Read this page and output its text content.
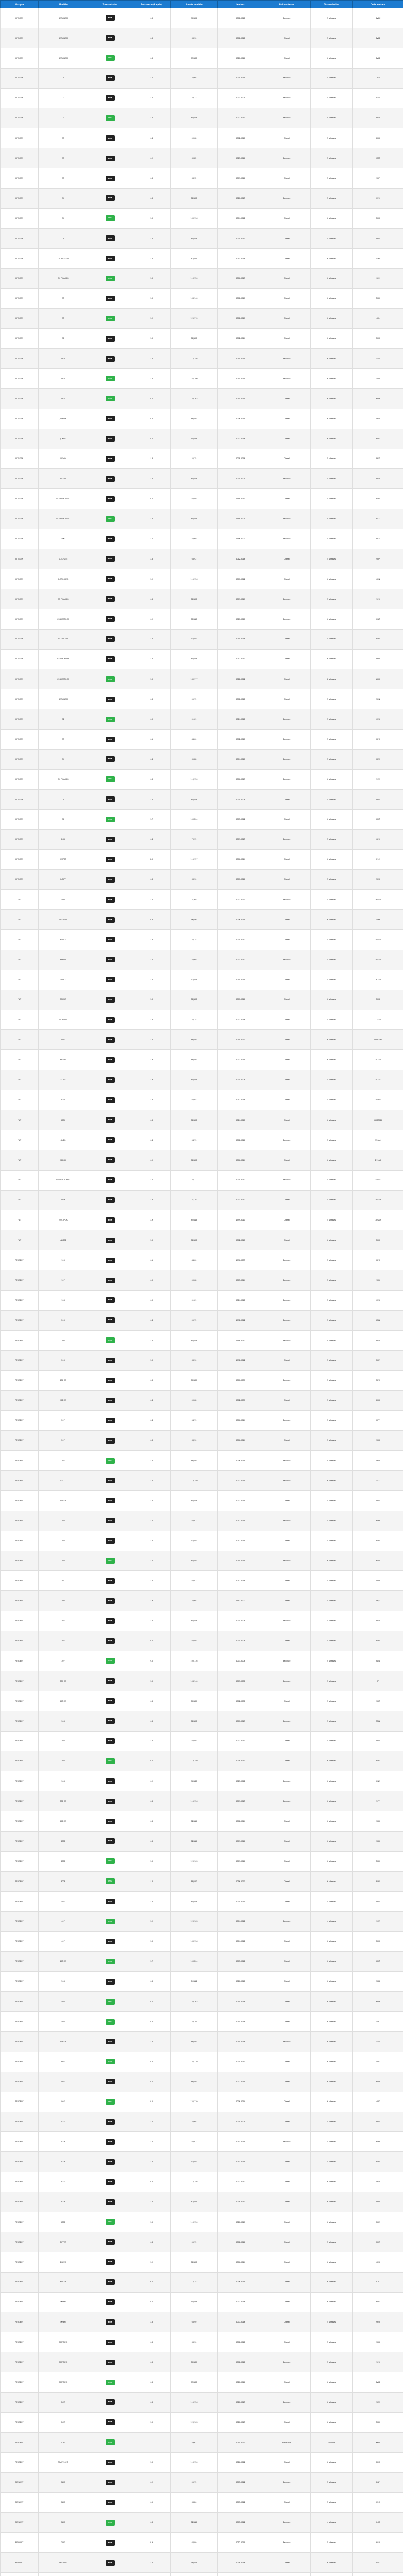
Marque	Modèle	Transmission	Puissance (kw/ch)	Année modèle	Moteur	Boîte vitesse	Transmission	Code moteur
CITROEN	BERLINGO	BVM	1.6	90/122	2008-2018	Essence	5 vitesses	DV6C
CITROEN	BERLINGO	BVM	1.6	66/90	2008-2018	Diesel	5 vitesses	DV6B
CITROEN	BERLINGO	BVA	1.6	73/100	2010-2016	Diesel	6 vitesses	DV6E
CITROEN	C1	BVM	1.0	50/68	2005-2014	Essence	5 vitesses	1KR
CITROEN	C2	BVM	1.4	54/73	2003-2009	Essence	5 vitesses	KFV
CITROEN	C3	BVA	1.6	80/109	2002-2010	Essence	4 vitesses	NFU
CITROEN	C3	BVM	1.4	50/68	2002-2010	Diesel	5 vitesses	8HX
CITROEN	C3	BVM	1.2	60/82	2013-2016	Essence	5 vitesses	HMZ
CITROEN	C3	BVM	1.6	68/92	2009-2016	Diesel	5 vitesses	9HP
CITROEN	C4	BVM	1.6	88/120	2010-2015	Essence	5 vitesses	EP6
CITROEN	C4	BVA	2.0	100/136	2004-2011	Diesel	6 vitesses	RHR
CITROEN	C4	BVM	1.6	80/109	2004-2010	Diesel	5 vitesses	9HZ
CITROEN	C4 PICASSO	BVM	1.6	82/112	2013-2018	Diesel	6 vitesses	DV6C
CITROEN	C4 PICASSO	BVA	2.0	110/150	2006-2013	Diesel	6 vitesses	RHJ
CITROEN	C5	BVM	2.0	103/140	2008-2017	Diesel	6 vitesses	RHH
CITROEN	C5	BVA	2.2	125/170	2008-2017	Diesel	6 vitesses	4HL
CITROEN	C8	BVM	2.0	88/120	2002-2014	Diesel	6 vitesses	RHR
CITROEN	DS3	BVM	1.6	115/156	2010-2015	Essence	6 vitesses	5FV
CITROEN	DS4	BVA	1.6	147/200	2011-2015	Essence	6 vitesses	5FU
CITROEN	DS5	BVA	2.0	120/163	2011-2015	Diesel	6 vitesses	RHH
CITROEN	JUMPER	BVM	2.2	88/120	2006-2014	Diesel	6 vitesses	4HU
CITROEN	JUMPY	BVM	2.0	94/128	2007-2016	Diesel	6 vitesses	RHK
CITROEN	NEMO	BVM	1.3	55/75	2008-2016	Diesel	5 vitesses	FHZ
CITROEN	XSARA	BVM	1.6	80/109	2000-2005	Essence	5 vitesses	NFU
CITROEN	XSARA PICASSO	BVM	2.0	66/90	1999-2010	Diesel	5 vitesses	RHY
CITROEN	XSARA PICASSO	BVA	1.8	85/115	1999-2005	Essence	4 vitesses	6FZ
CITROEN	SAXO	BVM	1.1	44/60	1996-2003	Essence	5 vitesses	HFX
CITROEN	C-ELYSEE	BVM	1.6	68/92	2012-2018	Diesel	5 vitesses	9HP
CITROEN	C-CROSSER	BVM	2.2	115/156	2007-2012	Diesel	6 vitesses	4HN
CITROEN	C3 PICASSO	BVM	1.6	88/120	2009-2017	Essence	5 vitesses	5FS
CITROEN	C3 AIRCROSS	BVM	1.2	81/110	2017-2020	Essence	6 vitesses	HNZ
CITROEN	C4 CACTUS	BVM	1.6	73/100	2014-2018	Diesel	5 vitesses	BHY
CITROEN	C4 AIRCROSS	BVM	1.6	84/114	2012-2017	Diesel	6 vitesses	9HD
CITROEN	C5 AIRCROSS	BVA	2.0	130/177	2018-2022	Diesel	8 vitesses	AHX
CITROEN	BERLINGO	BVM	1.6	55/75	2008-2018	Diesel	5 vitesses	9HN
CITROEN	C1	BVA	1.0	51/69	2014-2018	Essence	5 vitesses	CFB
CITROEN	C3	BVM	1.1	44/60	2002-2010	Essence	5 vitesses	HFX
CITROEN	C4	BVM	1.4	65/88	2004-2010	Essence	5 vitesses	KFU
CITROEN	C4 PICASSO	BVA	1.6	110/150	2006-2013	Essence	6 vitesses	5FX
CITROEN	C5	BVM	1.6	80/109	2004-2008	Diesel	5 vitesses	9HZ
CITROEN	C6	BVA	2.7	150/204	2005-2012	Diesel	6 vitesses	UHZ
CITROEN	DS3	BVM	1.4	70/95	2009-2015	Essence	5 vitesses	8FS
CITROEN	JUMPER	BVM	3.0	115/157	2006-2014	Diesel	6 vitesses	F1C
CITROEN	JUMPY	BVM	1.6	66/90	2007-2016	Diesel	5 vitesses	9HU
FIAT	500	BVM	1.2	51/69	2007-2020	Essence	5 vitesses	169A4
FIAT	DUCATO	BVM	2.3	96/130	2006-2014	Diesel	6 vitesses	F1AE
FIAT	PUNTO	BVM	1.3	55/75	2005-2012	Diesel	5 vitesses	199A2
FIAT	PANDA	BVM	1.2	44/60	2003-2012	Essence	5 vitesses	188A4
FIAT	DOBLO	BVM	1.6	77/105	2010-2015	Diesel	5 vitesses	263A3
FIAT	SCUDO	BVM	2.0	88/120	2007-2016	Diesel	6 vitesses	RHK
FIAT	FIORINO	BVM	1.3	55/75	2007-2016	Diesel	5 vitesses	225A2
FIAT	TIPO	BVM	1.6	88/120	2015-2020	Diesel	6 vitesses	55260384
FIAT	BRAVO	BVM	1.9	88/120	2007-2014	Diesel	6 vitesses	192A8
FIAT	STILO	BVM	1.9	85/115	2001-2008	Diesel	5 vitesses	192A1
FIAT	500L	BVM	1.3	62/85	2012-2018	Diesel	5 vitesses	199B1
FIAT	500X	BVM	1.6	88/120	2014-2020	Diesel	6 vitesses	55263088
FIAT	QUBO	BVM	1.4	54/73	2008-2016	Essence	5 vitesses	350A1
FIAT	SEDICI	BVM	1.9	88/120	2006-2014	Diesel	6 vitesses	D19AA
FIAT	GRANDE PUNTO	BVM	1.4	57/77	2005-2012	Essence	5 vitesses	350A1
FIAT	IDEA	BVM	1.3	51/70	2003-2012	Diesel	5 vitesses	188A9
FIAT	MULTIPLA	BVM	1.9	85/115	1999-2010	Diesel	5 vitesses	186A9
FIAT	ULYSSE	BVM	2.0	88/120	2002-2010	Diesel	6 vitesses	RHR
PEUGEOT	106	BVM	1.1	44/60	1996-2003	Essence	5 vitesses	HFX
PEUGEOT	107	BVM	1.0	50/68	2005-2014	Essence	5 vitesses	1KR
PEUGEOT	108	BVM	1.0	51/69	2014-2018	Essence	5 vitesses	CFB
PEUGEOT	206	BVM	1.4	55/75	1998-2012	Essence	5 vitesses	KFW
PEUGEOT	206	BVA	1.6	80/109	1998-2012	Essence	4 vitesses	NFU
PEUGEOT	206	BVM	2.0	66/90	1998-2012	Diesel	5 vitesses	RHY
PEUGEOT	206 CC	BVM	1.6	80/109	2000-2007	Essence	5 vitesses	NFU
PEUGEOT	206 SW	BVM	1.4	50/68	2002-2007	Diesel	5 vitesses	8HX
PEUGEOT	207	BVM	1.4	54/73	2006-2014	Essence	5 vitesses	KFV
PEUGEOT	207	BVM	1.6	66/90	2006-2014	Diesel	5 vitesses	9HX
PEUGEOT	207	BVA	1.6	88/120	2006-2014	Essence	4 vitesses	5FW
PEUGEOT	207 CC	BVM	1.6	110/150	2007-2015	Essence	6 vitesses	5FX
PEUGEOT	207 SW	BVM	1.6	80/109	2007-2014	Diesel	5 vitesses	9HZ
PEUGEOT	208	BVM	1.2	60/82	2012-2019	Essence	5 vitesses	HMZ
PEUGEOT	208	BVM	1.6	73/100	2012-2019	Diesel	5 vitesses	BHY
PEUGEOT	208	BVA	1.2	81/110	2014-2019	Essence	6 vitesses	HNZ
PEUGEOT	301	BVM	1.6	68/92	2012-2018	Diesel	5 vitesses	9HP
PEUGEOT	306	BVM	1.9	50/68	1997-2002	Diesel	5 vitesses	WJZ
PEUGEOT	307	BVM	1.6	80/109	2001-2008	Essence	5 vitesses	NFU
PEUGEOT	307	BVM	2.0	66/90	2001-2008	Diesel	5 vitesses	RHY
PEUGEOT	307	BVA	2.0	100/136	2003-2008	Essence	4 vitesses	RFN
PEUGEOT	307 CC	BVM	2.0	103/140	2003-2008	Essence	5 vitesses	RFJ
PEUGEOT	307 SW	BVM	1.6	80/109	2002-2008	Diesel	5 vitesses	9HZ
PEUGEOT	308	BVM	1.6	88/120	2007-2013	Essence	5 vitesses	5FW
PEUGEOT	308	BVM	1.6	66/90	2007-2013	Diesel	5 vitesses	9HX
PEUGEOT	308	BVA	2.0	110/150	2009-2013	Diesel	6 vitesses	RHE
PEUGEOT	308	BVM	1.2	96/130	2013-2021	Essence	6 vitesses	HNY
PEUGEOT	308 CC	BVM	1.6	115/156	2009-2015	Essence	6 vitesses	5FV
PEUGEOT	308 SW	BVM	1.6	82/112	2008-2014	Diesel	6 vitesses	9HR
PEUGEOT	3008	BVM	1.6	82/112	2009-2016	Diesel	6 vitesses	9HR
PEUGEOT	3008	BVA	2.0	120/163	2009-2016	Diesel	6 vitesses	RHH
PEUGEOT	3008	BVA	1.6	88/120	2016-2020	Diesel	6 vitesses	BHY
PEUGEOT	407	BVM	1.6	80/109	2004-2011	Diesel	5 vitesses	9HZ
PEUGEOT	407	BVA	2.2	120/163	2004-2011	Essence	4 vitesses	3FZ
PEUGEOT	407	BVM	2.0	100/136	2004-2011	Diesel	6 vitesses	RHR
PEUGEOT	407 SW	BVA	2.7	150/204	2005-2011	Diesel	6 vitesses	UHZ
PEUGEOT	508	BVM	1.6	84/114	2010-2018	Diesel	6 vitesses	9HD
PEUGEOT	508	BVA	2.0	120/163	2010-2018	Diesel	6 vitesses	RHH
PEUGEOT	508	BVA	2.2	150/204	2011-2018	Diesel	6 vitesses	4HL
PEUGEOT	508 SW	BVM	1.6	88/120	2010-2018	Essence	6 vitesses	5FV
PEUGEOT	607	BVA	2.2	125/170	2004-2010	Diesel	6 vitesses	4HT
PEUGEOT	807	BVM	2.0	88/120	2002-2014	Diesel	6 vitesses	RHR
PEUGEOT	807	BVA	2.2	125/170	2006-2014	Diesel	6 vitesses	4HT
PEUGEOT	1007	BVM	1.4	50/68	2005-2009	Diesel	5 vitesses	8HZ
PEUGEOT	2008	BVM	1.2	60/82	2013-2019	Essence	5 vitesses	HMZ
PEUGEOT	2008	BVM	1.6	73/100	2013-2019	Diesel	5 vitesses	BHY
PEUGEOT	4007	BVM	2.2	115/156	2007-2012	Diesel	6 vitesses	4HN
PEUGEOT	5008	BVM	1.6	82/112	2009-2017	Diesel	6 vitesses	9HR
PEUGEOT	5008	BVA	2.0	110/150	2010-2017	Diesel	6 vitesses	RHE
PEUGEOT	BIPPER	BVM	1.3	55/75	2008-2016	Diesel	5 vitesses	FHZ
PEUGEOT	BOXER	BVM	2.2	88/120	2006-2014	Diesel	6 vitesses	4HU
PEUGEOT	BOXER	BVM	3.0	115/157	2006-2014	Diesel	6 vitesses	F1C
PEUGEOT	EXPERT	BVM	2.0	94/128	2007-2016	Diesel	6 vitesses	RHK
PEUGEOT	EXPERT	BVM	1.6	66/90	2007-2016	Diesel	5 vitesses	9HU
PEUGEOT	PARTNER	BVM	1.6	66/90	2008-2018	Diesel	5 vitesses	9HX
PEUGEOT	PARTNER	BVM	1.6	80/109	2008-2018	Essence	5 vitesses	5FS
PEUGEOT	PARTNER	BVA	1.6	73/100	2010-2016	Diesel	6 vitesses	DV6E
PEUGEOT	RCZ	BVM	1.6	115/156	2010-2015	Essence	6 vitesses	5FU
PEUGEOT	RCZ	BVM	2.0	120/163	2010-2015	Diesel	6 vitesses	RHH
PEUGEOT	ION	BVA	—	49/67	2011-2020	Électrique	1 vitesse	Y4F1
PEUGEOT	TRAVELLER	BVM	2.0	110/150	2016-2022	Diesel	6 vitesses	AHM
RENAULT	CLIO	BVM	1.2	55/75	2005-2012	Essence	5 vitesses	D4F
RENAULT	CLIO	BVM	1.5	63/86	2005-2012	Diesel	5 vitesses	K9K
RENAULT	CLIO	BVA	1.6	82/112	2005-2012	Essence	4 vitesses	K4M
RENAULT	CLIO	BVM	0.9	66/90	2012-2019	Essence	5 vitesses	H4B
RENAULT	MEGANE	BVM	1.5	78/106	2008-2016	Diesel	6 vitesses	K9K
